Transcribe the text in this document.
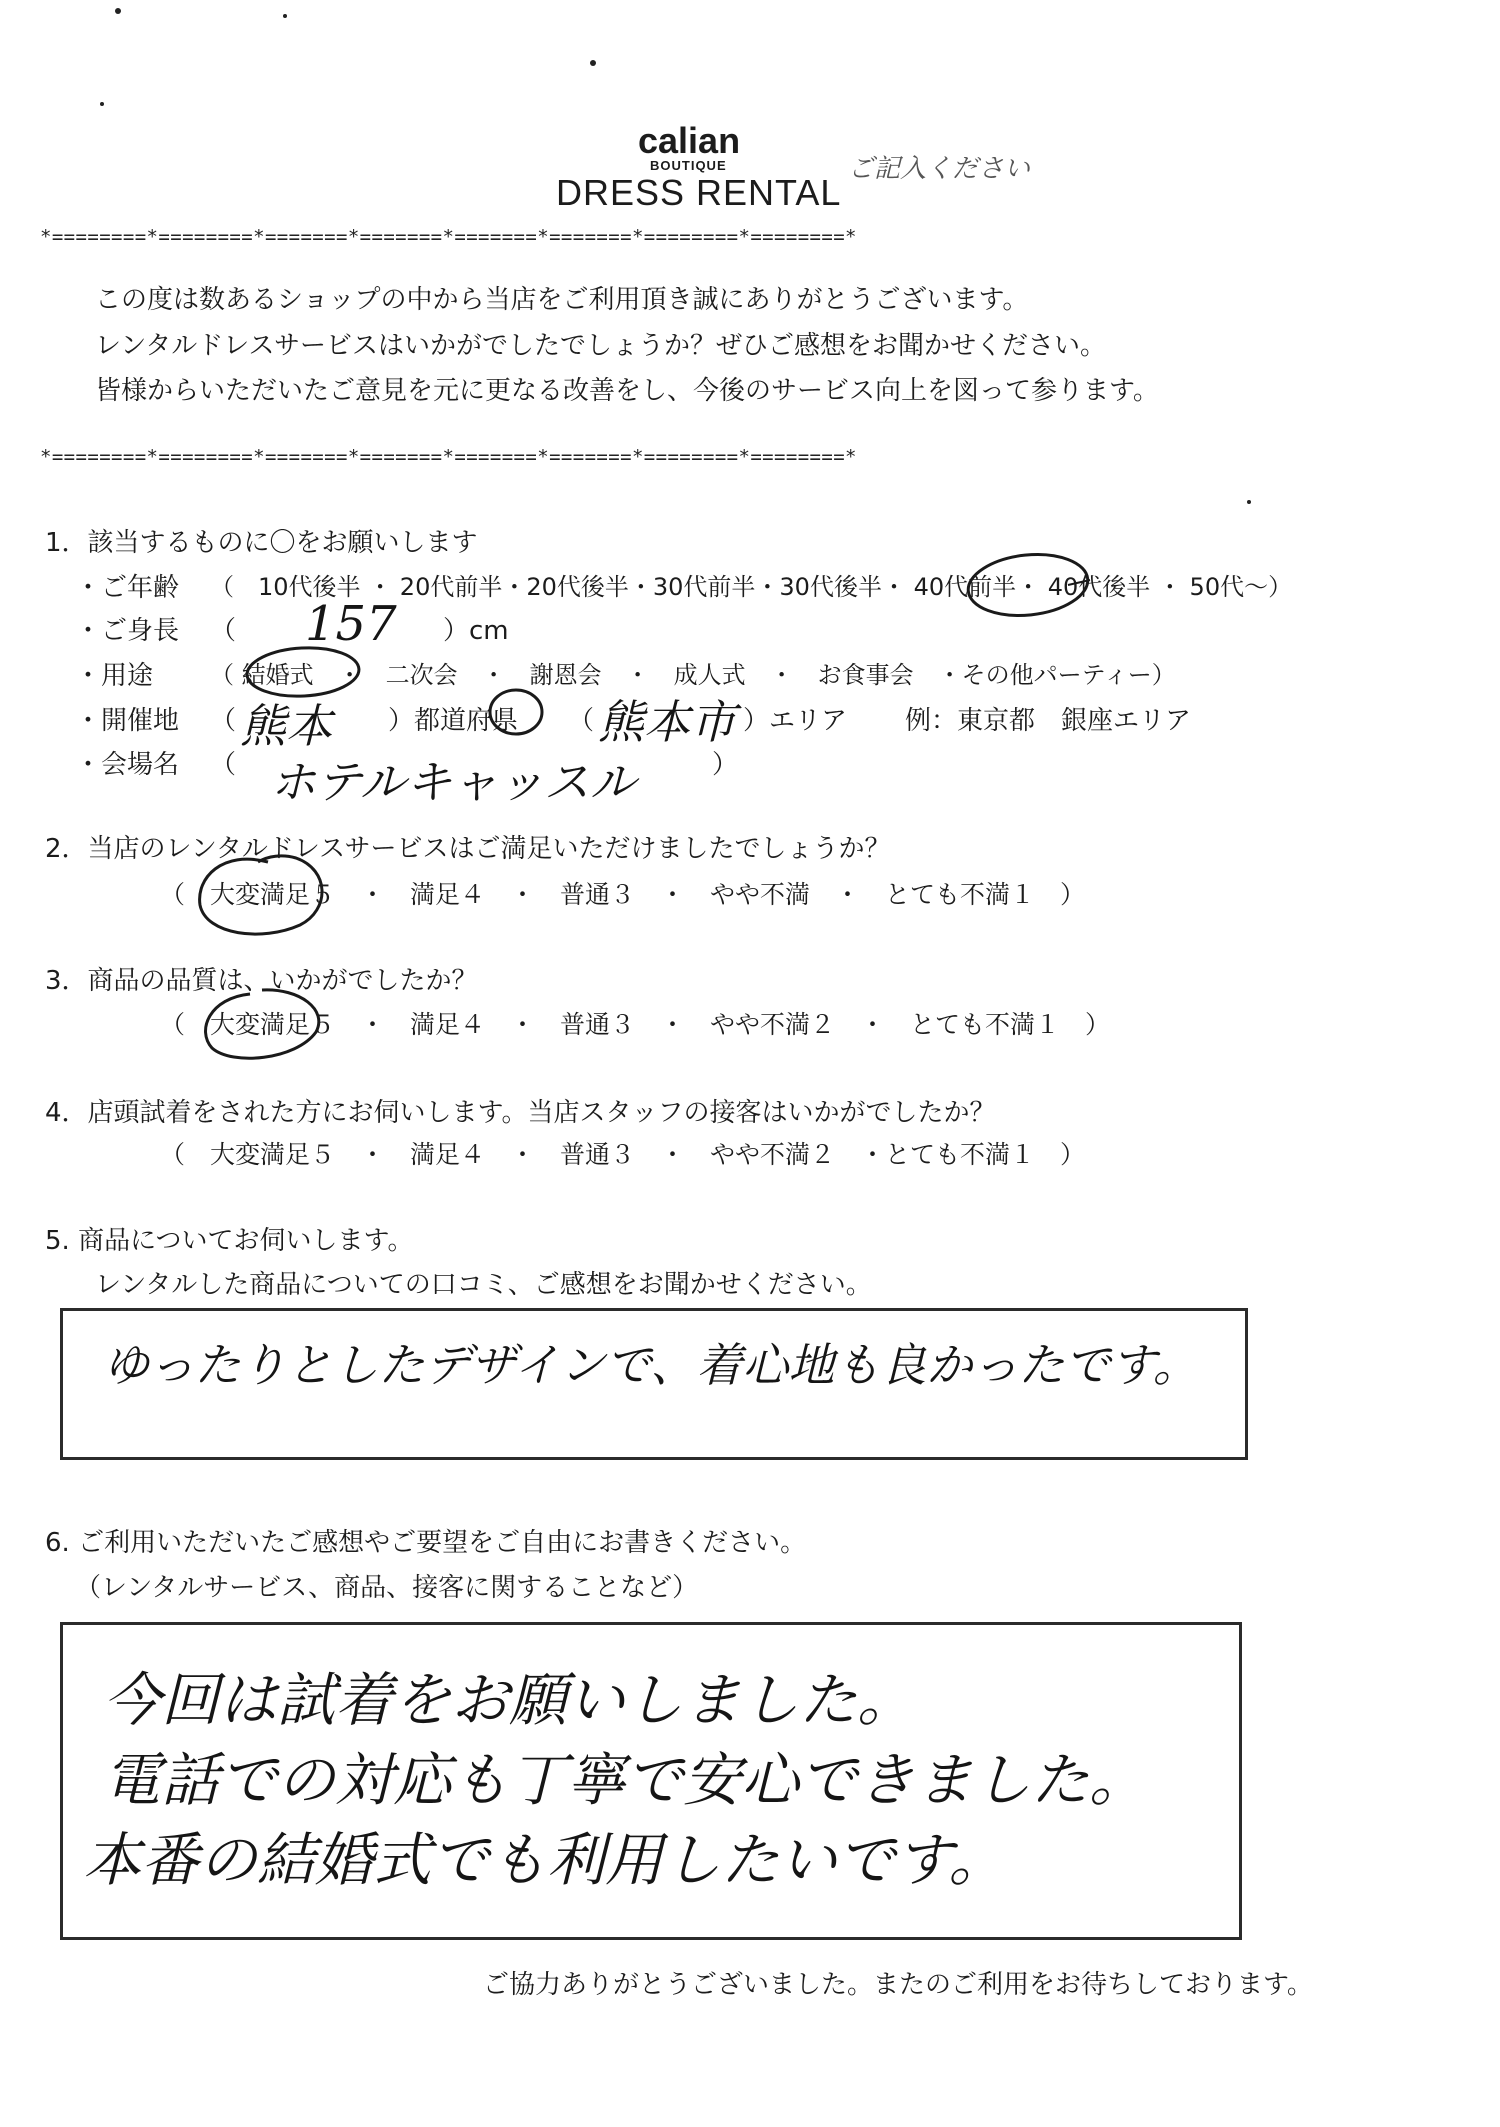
calian
BOUTIQUE
DRESS RENTAL
ご記入ください
*========*========*=======*=======*=======*=======*========*========*
この度は数あるショップの中から当店をご利用頂き誠にありがとうございます。
レンタルドレスサービスはいかがでしたでしょうか？ぜひご感想をお聞かせください。
皆様からいただいたご意見を元に更なる改善をし、今後のサービス向上を図って参ります。
*========*========*=======*=======*=======*=======*========*========*
1．該当するものに〇をお願いします
・ご年齢 （　10代後半 ・ 20代前半・20代後半・30代前半・30代後半・ 40代前半・ 40代後半 ・ 50代～）
・ご身長 （ 157 ）cm
・用途 （ 結婚式　・　二次会　・　謝恩会　・　成人式　・　お食事会　・その他パーティー）
・開催地 （ 熊本 ）都道府県 （ 熊本市 ）エリア 例：東京都　銀座エリア
・会場名 （ ホテルキャッスル	）
2．当店のレンタルドレスサービスはご満足いただけましたでしょうか？
（　大変満足５　・　満足４　・　普通３　・　やや不満　・　とても不満１　）
3．商品の品質は、いかがでしたか？
（　大変満足５　・　満足４　・　普通３　・　やや不満２　・　とても不満１　）
4．店頭試着をされた方にお伺いします。当店スタッフの接客はいかがでしたか？
（　大変満足５　・　満足４　・　普通３　・　やや不満２　・とても不満１　）
5. 商品についてお伺いします。
レンタルした商品についての口コミ、ご感想をお聞かせください。
ゆったりとしたデザインで、着心地も良かったです。
6. ご利用いただいたご感想やご要望をご自由にお書きください。
（レンタルサービス、商品、接客に関することなど）
今回は試着をお願いしました。
電話での対応も丁寧で安心できました。
本番の結婚式でも利用したいです。
ご協力ありがとうございました。またのご利用をお待ちしております。
